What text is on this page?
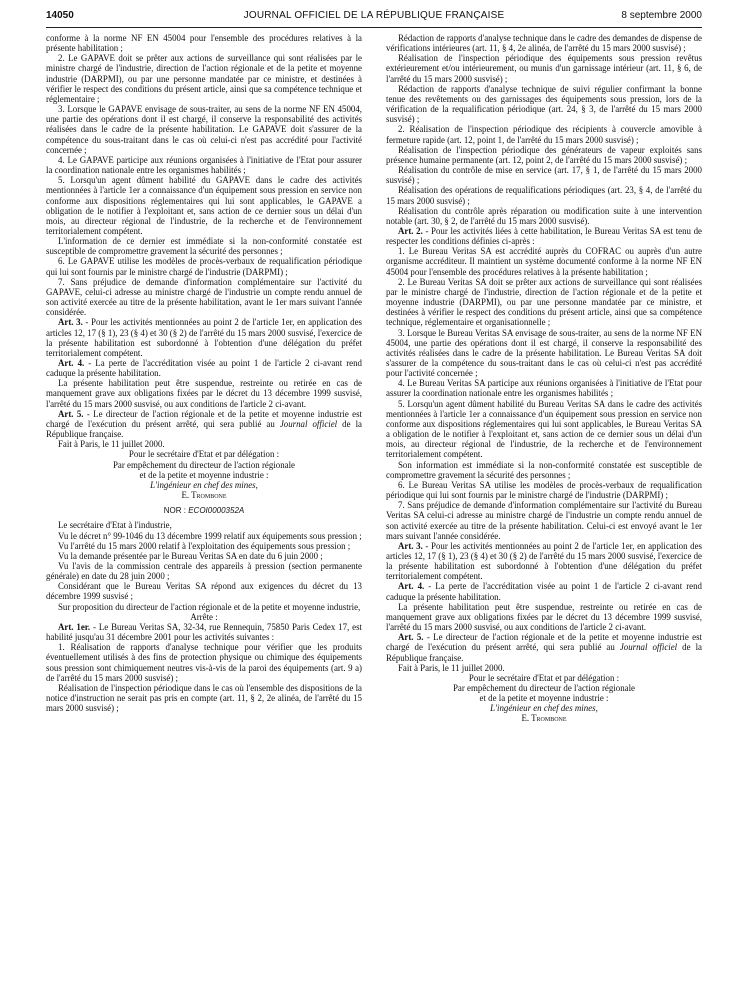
14050	JOURNAL OFFICIEL DE LA RÉPUBLIQUE FRANÇAISE	8 septembre 2000

conforme à la norme NF EN 45004 pour l'ensemble des procédures relatives à la présente habilitation ;

2. Le GAPAVE doit se prêter aux actions de surveillance qui sont réalisées par le ministre chargé de l'industrie, direction de l'action régionale et de la petite et moyenne industrie (DARPMI), ou par une personne mandatée par ce ministre, et destinées à vérifier le respect des conditions du présent article, ainsi que sa compétence technique et réglementaire ;

3. Lorsque le GAPAVE envisage de sous-traiter, au sens de la norme NF EN 45004, une partie des opérations dont il est chargé, il conserve la responsabilité des activités réalisées dans le cadre de la présente habilitation. Le GAPAVE doit s'assurer de la compétence du sous-traitant dans le cas où celui-ci n'est pas accrédité pour l'activité concernée ;

4. Le GAPAVE participe aux réunions organisées à l'initiative de l'Etat pour assurer la coordination nationale entre les organismes habilités ;

5. Lorsqu'un agent dûment habilité du GAPAVE dans le cadre des activités mentionnées à l'article 1er a connaissance d'un équipement sous pression en service non conforme aux dispositions réglementaires qui lui sont applicables, le GAPAVE a obligation de le notifier à l'exploitant et, sans action de ce dernier sous un délai d'un mois, au directeur régional de l'industrie, de la recherche et de l'environnement territorialement compétent.

L'information de ce dernier est immédiate si la non-conformité constatée est susceptible de compromettre gravement la sécurité des personnes ;

6. Le GAPAVE utilise les modèles de procès-verbaux de requalification périodique qui lui sont fournis par le ministre chargé de l'industrie (DARPMI) ;

7. Sans préjudice de demande d'information complémentaire sur l'activité du GAPAVE, celui-ci adresse au ministre chargé de l'industrie un compte rendu annuel de son activité exercée au titre de la présente habilitation, avant le 1er mars suivant l'année considérée.

Art. 3. - Pour les activités mentionnées au point 2 de l'article 1er, en application des articles 12, 17 (§ 1), 23 (§ 4) et 30 (§ 2) de l'arrêté du 15 mars 2000 susvisé, l'exercice de la présente habilitation est subordonné à l'obtention d'une délégation du préfet territorialement compétent.

Art. 4. - La perte de l'accréditation visée au point 1 de l'article 2 ci-avant rend caduque la présente habilitation.

La présente habilitation peut être suspendue, restreinte ou retirée en cas de manquement grave aux obligations fixées par le décret du 13 décembre 1999 susvisé, l'arrêté du 15 mars 2000 susvisé, ou aux conditions de l'article 2 ci-avant.

Art. 5. - Le directeur de l'action régionale et de la petite et moyenne industrie est chargé de l'exécution du présent arrêté, qui sera publié au Journal officiel de la République française.

Fait à Paris, le 11 juillet 2000.

Pour le secrétaire d'Etat et par délégation :
Par empêchement du directeur de l'action régionale
et de la petite et moyenne industrie :
L'ingénieur en chef des mines,
E. Trombone
NOR : ECOI0000352A

Le secrétaire d'Etat à l'industrie,

Vu le décret n° 99-1046 du 13 décembre 1999 relatif aux équipements sous pression ;

Vu l'arrêté du 15 mars 2000 relatif à l'exploitation des équipements sous pression ;

Vu la demande présentée par le Bureau Veritas SA en date du 6 juin 2000 ;

Vu l'avis de la commission centrale des appareils à pression (section permanente générale) en date du 28 juin 2000 ;

Considérant que le Bureau Veritas SA répond aux exigences du décret du 13 décembre 1999 susvisé ;

Sur proposition du directeur de l'action régionale et de la petite et moyenne industrie,

Arrête :

Art. 1er. - Le Bureau Veritas SA, 32-34, rue Rennequin, 75850 Paris Cedex 17, est habilité jusqu'au 31 décembre 2001 pour les activités suivantes :

1. Réalisation de rapports d'analyse technique pour vérifier que les produits éventuellement utilisés à des fins de protection physique ou chimique des équipements sous pression sont chimiquement neutres vis-à-vis de la paroi des équipements (art. 9 a) de l'arrêté du 15 mars 2000 susvisé) ;

Réalisation de l'inspection périodique dans le cas où l'ensemble des dispositions de la notice d'instruction ne serait pas pris en compte (art. 11, § 2, 2e alinéa, de l'arrêté du 15 mars 2000 susvisé) ;

Rédaction de rapports d'analyse technique dans le cadre des demandes de dispense de vérifications intérieures (art. 11, § 4, 2e alinéa, de l'arrêté du 15 mars 2000 susvisé) ;

Réalisation de l'inspection périodique des équipements sous pression revêtus extérieurement et/ou intérieurement, ou munis d'un garnissage intérieur (art. 11, § 6, de l'arrêté du 15 mars 2000 susvisé) ;

Rédaction de rapports d'analyse technique de suivi régulier confirmant la bonne tenue des revêtements ou des garnissages des équipements sous pression, lors de la vérification de la requalification périodique (art. 24, § 3, de l'arrêté du 15 mars 2000 susvisé) ;

2. Réalisation de l'inspection périodique des récipients à couvercle amovible à fermeture rapide (art. 12, point 1, de l'arrêté du 15 mars 2000 susvisé) ;

Réalisation de l'inspection périodique des générateurs de vapeur exploités sans présence humaine permanente (art. 12, point 2, de l'arrêté du 15 mars 2000 susvisé) ;

Réalisation du contrôle de mise en service (art. 17, § 1, de l'arrêté du 15 mars 2000 susvisé) ;

Réalisation des opérations de requalifications périodiques (art. 23, § 4, de l'arrêté du 15 mars 2000 susvisé) ;

Réalisation du contrôle après réparation ou modification suite à une intervention notable (art. 30, § 2, de l'arrêté du 15 mars 2000 susvisé).

Art. 2. - Pour les activités liées à cette habilitation, le Bureau Veritas SA est tenu de respecter les conditions définies ci-après :

1. Le Bureau Veritas SA est accrédité auprès du COFRAC ou auprès d'un autre organisme accréditeur. Il maintient un système documenté conforme à la norme NF EN 45004 pour l'ensemble des procédures relatives à la présente habilitation ;

2. Le Bureau Veritas SA doit se prêter aux actions de surveillance qui sont réalisées par le ministre chargé de l'industrie, direction de l'action régionale et de la petite et moyenne industrie (DARPMI), ou par une personne mandatée par ce ministre, et destinées à vérifier le respect des conditions du présent article, ainsi que sa compétence technique, réglementaire et organisationnelle ;

3. Lorsque le Bureau Veritas SA envisage de sous-traiter, au sens de la norme NF EN 45004, une partie des opérations dont il est chargé, il conserve la responsabilité des activités réalisées dans le cadre de la présente habilitation. Le Bureau Veritas SA doit s'assurer de la compétence du sous-traitant dans le cas où celui-ci n'est pas accrédité pour l'activité concernée ;

4. Le Bureau Veritas SA participe aux réunions organisées à l'initiative de l'Etat pour assurer la coordination nationale entre les organismes habilités ;

5. Lorsqu'un agent dûment habilité du Bureau Veritas SA dans le cadre des activités mentionnées à l'article 1er a connaissance d'un équipement sous pression en service non conforme aux dispositions réglementaires qui lui sont applicables, le Bureau Veritas SA a obligation de le notifier à l'exploitant et, sans action de ce dernier sous un délai d'un mois, au directeur régional de l'industrie, de la recherche et de l'environnement territorialement compétent.

Son information est immédiate si la non-conformité constatée est susceptible de compromettre gravement la sécurité des personnes ;

6. Le Bureau Veritas SA utilise les modèles de procès-verbaux de requalification périodique qui lui sont fournis par le ministre chargé de l'industrie (DARPMI) ;

7. Sans préjudice de demande d'information complémentaire sur l'activité du Bureau Veritas SA celui-ci adresse au ministre chargé de l'industrie un compte rendu annuel de son activité exercée au titre de la présente habilitation. Celui-ci est envoyé avant le 1er mars suivant l'année considérée.

Art. 3. - Pour les activités mentionnées au point 2 de l'article 1er, en application des articles 12, 17 (§ 1), 23 (§ 4) et 30 (§ 2) de l'arrêté du 15 mars 2000 susvisé, l'exercice de la présente habilitation est subordonné à l'obtention d'une délégation du préfet territorialement compétent.

Art. 4. - La perte de l'accréditation visée au point 1 de l'article 2 ci-avant rend caduque la présente habilitation.

La présente habilitation peut être suspendue, restreinte ou retirée en cas de manquement grave aux obligations fixées par le décret du 13 décembre 1999 susvisé, l'arrêté du 15 mars 2000 susvisé, ou aux conditions de l'article 2 ci-avant.

Art. 5. - Le directeur de l'action régionale et de la petite et moyenne industrie est chargé de l'exécution du présent arrêté, qui sera publié au Journal officiel de la République française.

Fait à Paris, le 11 juillet 2000.

Pour le secrétaire d'Etat et par délégation :
Par empêchement du directeur de l'action régionale
et de la petite et moyenne industrie :
L'ingénieur en chef des mines,
E. Trombone
